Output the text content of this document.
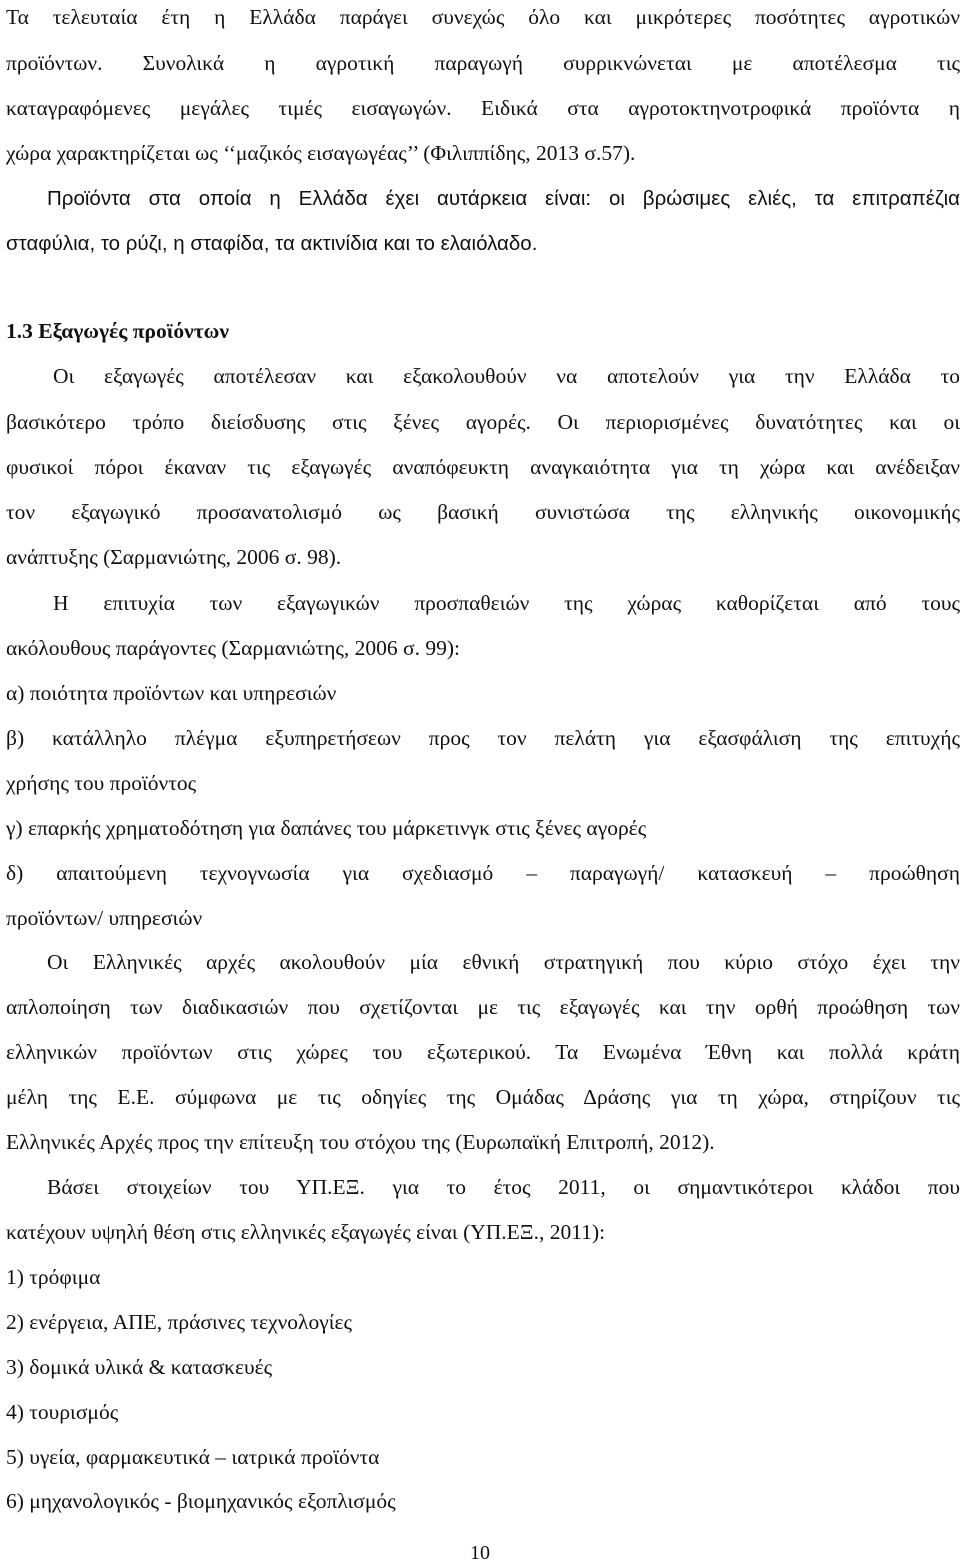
Τα τελευταία έτη η Ελλάδα παράγει συνεχώς όλο και μικρότερες ποσότητες αγροτικών
προϊόντων. Συνολικά η αγροτική παραγωγή συρρικνώνεται με αποτέλεσμα τις
καταγραφόμενες μεγάλες τιμές εισαγωγών. Ειδικά στα αγροτοκτηνοτροφικά προϊόντα η
χώρα χαρακτηρίζεται ως ‘‘μαζικός εισαγωγέας’’ (Φιλιππίδης, 2013 σ.57).
Προϊόντα στα οποία η Ελλάδα έχει αυτάρκεια είναι: οι βρώσιμες ελιές, τα επιτραπέζια
σταφύλια, το ρύζι, η σταφίδα, τα ακτινίδια και το ελαιόλαδο.
1.3 Εξαγωγές προϊόντων
Οι εξαγωγές αποτέλεσαν και εξακολουθούν να αποτελούν για την Ελλάδα το
βασικότερο τρόπο διείσδυσης στις ξένες αγορές. Οι περιορισμένες δυνατότητες και οι
φυσικοί πόροι έκαναν τις εξαγωγές αναπόφευκτη αναγκαιότητα για τη χώρα και ανέδειξαν
τον εξαγωγικό προσανατολισμό ως βασική συνιστώσα της ελληνικής οικονομικής
ανάπτυξης (Σαρμανιώτης, 2006 σ. 98).
Η επιτυχία των εξαγωγικών προσπαθειών της χώρας καθορίζεται από τους
ακόλουθους παράγοντες (Σαρμανιώτης, 2006 σ. 99):
α) ποιότητα προϊόντων και υπηρεσιών
β) κατάλληλο πλέγμα εξυπηρετήσεων προς τον πελάτη για εξασφάλιση της επιτυχής
χρήσης του προϊόντος
γ) επαρκής χρηματοδότηση για δαπάνες του μάρκετινγκ στις ξένες αγορές
δ) απαιτούμενη τεχνογνωσία για σχεδιασμό – παραγωγή/ κατασκευή – προώθηση
προϊόντων/ υπηρεσιών
Οι Ελληνικές αρχές ακολουθούν μία εθνική στρατηγική που κύριο στόχο έχει την
απλοποίηση των διαδικασιών που σχετίζονται με τις εξαγωγές και την ορθή προώθηση των
ελληνικών προϊόντων στις χώρες του εξωτερικού. Τα Ενωμένα Έθνη και πολλά κράτη
μέλη της Ε.Ε. σύμφωνα με τις οδηγίες της Ομάδας Δράσης για τη χώρα, στηρίζουν τις
Ελληνικές Αρχές προς την επίτευξη του στόχου της (Ευρωπαϊκή Επιτροπή, 2012).
Βάσει στοιχείων του ΥΠ.ΕΞ. για το έτος 2011, οι σημαντικότεροι κλάδοι που
κατέχουν υψηλή θέση στις ελληνικές εξαγωγές είναι (ΥΠ.ΕΞ., 2011):
1) τρόφιμα
2) ενέργεια, ΑΠΕ, πράσινες τεχνολογίες
3) δομικά υλικά & κατασκευές
4) τουρισμός
5) υγεία, φαρμακευτικά – ιατρικά προϊόντα
6) μηχανολογικός - βιομηχανικός εξοπλισμός
10
